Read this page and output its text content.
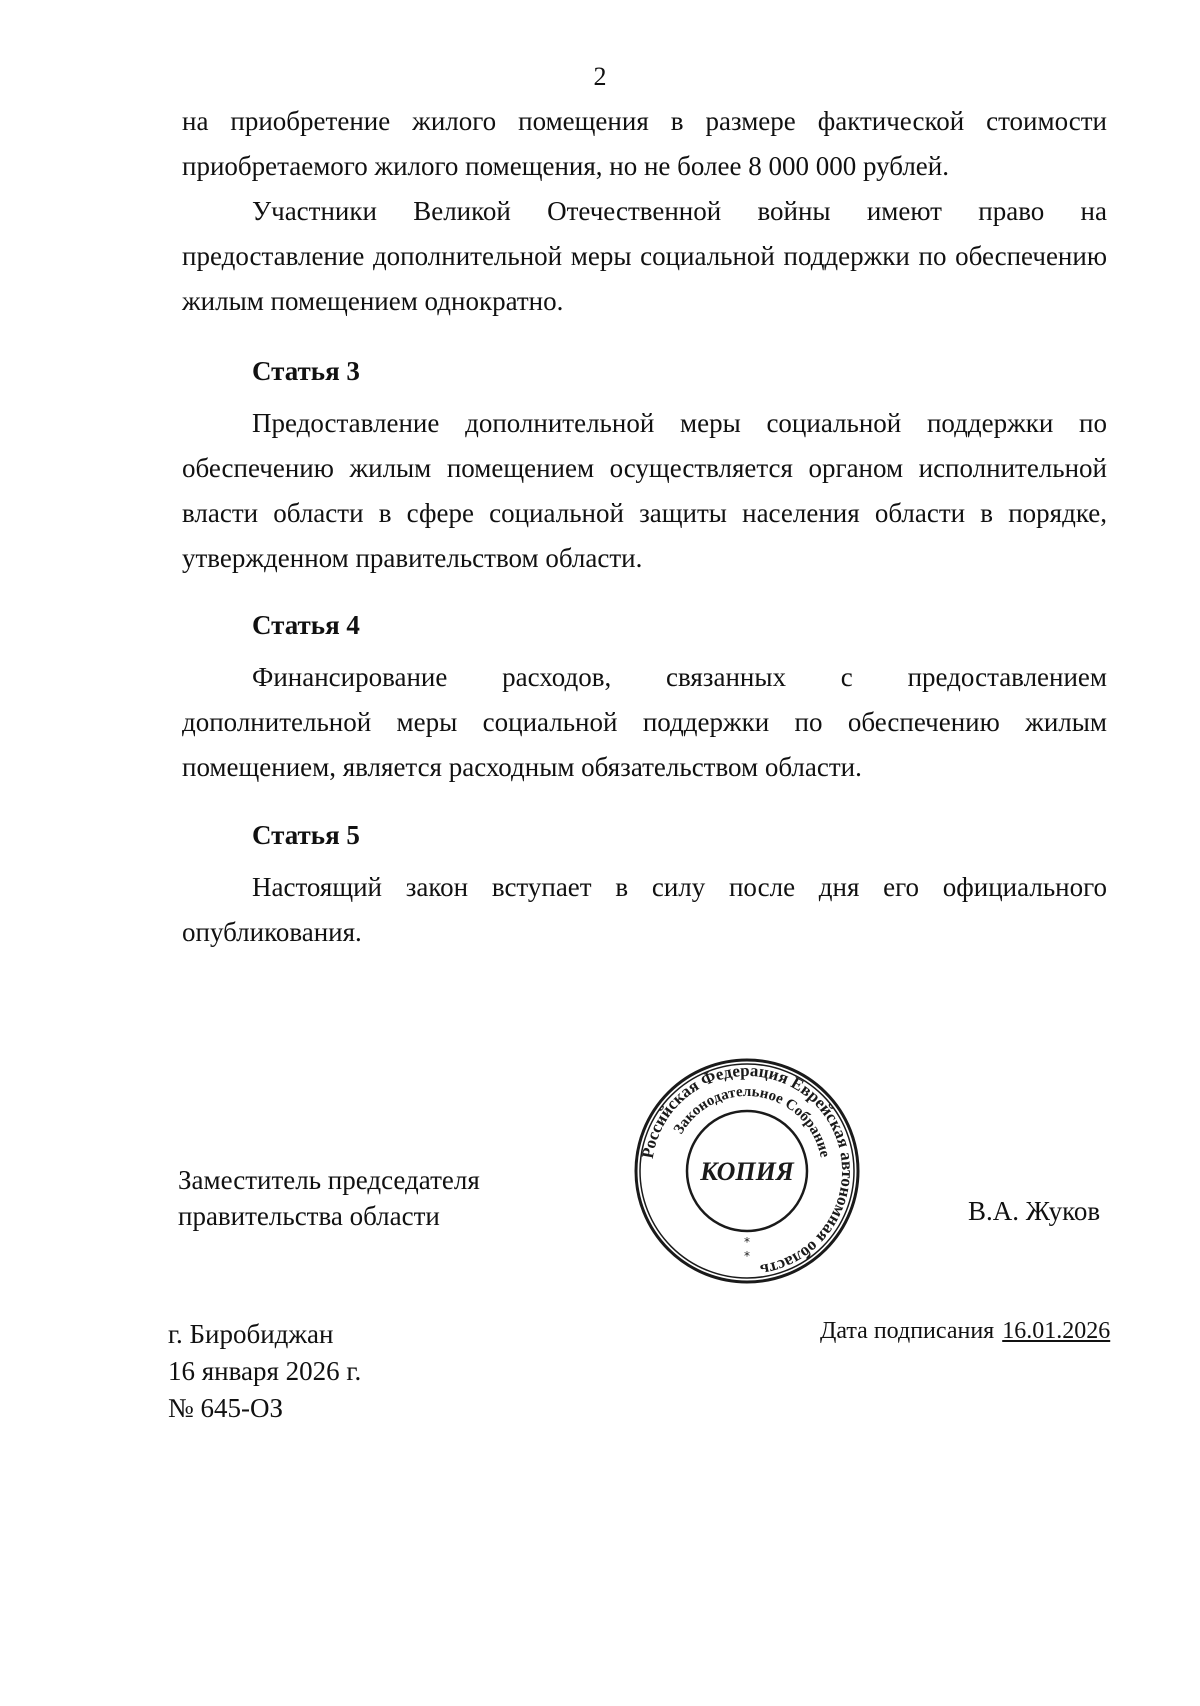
2

на приобретение жилого помещения в размере фактической стоимости приобретаемого жилого помещения, но не более 8 000 000 рублей.

Участники Великой Отечественной войны имеют право на предоставление дополнительной меры социальной поддержки по обеспечению жилым помещением однократно.

Статья 3

Предоставление дополнительной меры социальной поддержки по обеспечению жилым помещением осуществляется органом исполнительной власти области в сфере социальной защиты населения области в порядке, утвержденном правительством области.

Статья 4

Финансирование расходов, связанных с предоставлением дополнительной меры социальной поддержки по обеспечению жилым помещением, является расходным обязательством области.

Статья 5

Настоящий закон вступает в силу после дня его официального опубликования.

Заместитель председателя
правительства области
Российская Федерация Еврейская автономная область
Законодательное Собрание
КОПИЯ
*
*
В.А. Жуков
г. Биробиджан
16 января 2026 г.
№ 645-ОЗ
Дата подписания 16.01.2026
